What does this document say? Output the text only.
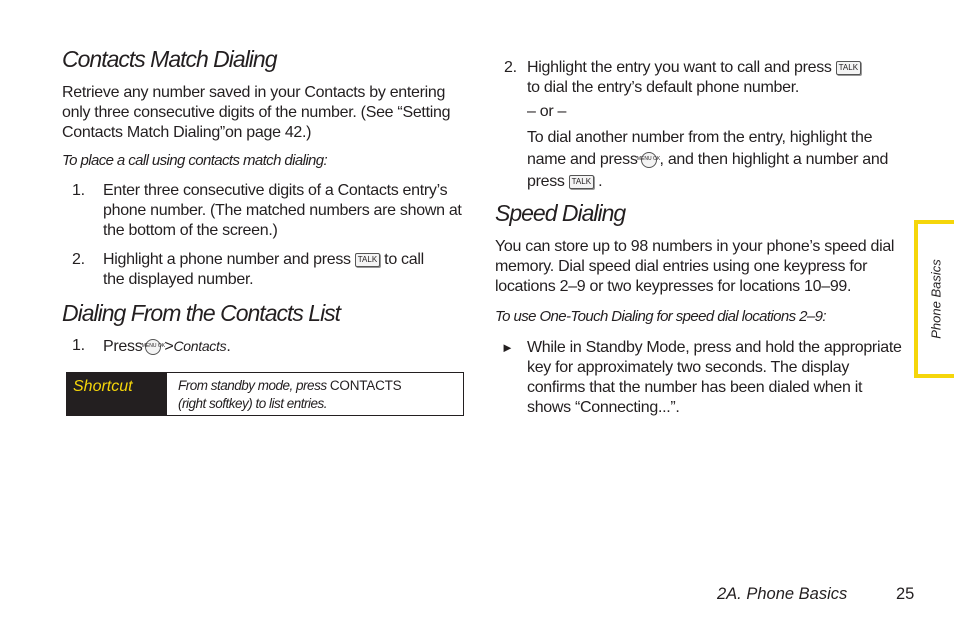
Contacts Match Dialing

Retrieve any number saved in your Contacts by entering only three consecutive digits of the number. (See “Setting Contacts Match Dialing”on page 42.)

To place a call using contacts match dialing:

1. Enter three consecutive digits of a Contacts entry’s phone number. (The matched numbers are shown at the bottom of the screen.)
2. Highlight a phone number and press TALK to call
the displayed number.
Dialing From the Contacts List
1. PressMENU OK>Contacts.
Shortcut	From standby mode, press CONTACTS
(right softkey) to list entries.
2. Highlight the entry you want to call and press TALK
to dial the entry’s default phone number.
– or –
To dial another number from the entry, highlight the
name and pressMENU OK, and then highlight a number and
press TALK .
Speed Dialing

You can store up to 98 numbers in your phone’s speed dial memory. Dial speed dial entries using one keypress for locations 2–9 or two keypresses for locations 10–99.

To use One-Touch Dialing for speed dial locations 2–9:

► While in Standby Mode, press and hold the appropriate key for approximately two seconds. The display confirms that the number has been dialed when it shows “Connecting...”.
Phone Basics
2A. Phone Basics	25
